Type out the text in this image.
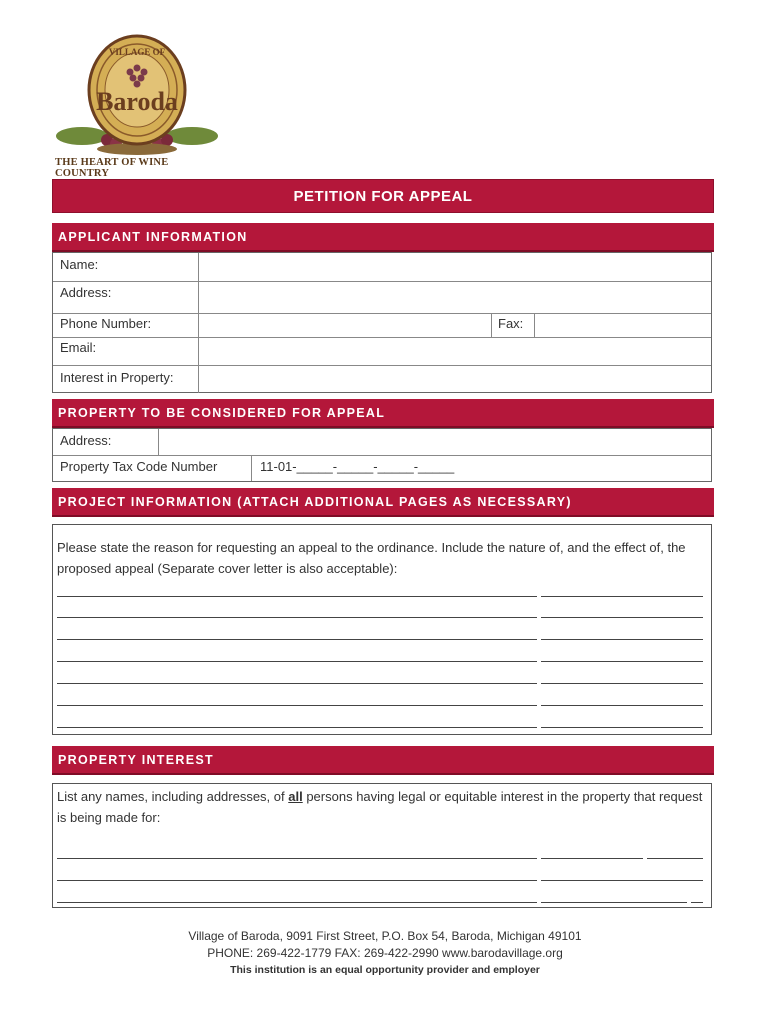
VILLAGE OF
Baroda
THE HEART OF WINE COUNTRY
PETITION FOR APPEAL
APPLICANT INFORMATION
Name:
Address:
Phone Number:	Fax:
Email:
Interest in Property:
PROPERTY TO BE CONSIDERED FOR APPEAL
Address:
Property Tax Code Number	11-01-_____-_____-_____-_____
PROJECT INFORMATION (ATTACH ADDITIONAL PAGES AS NECESSARY)
Please state the reason for requesting an appeal to the ordinance. Include the nature of, and the effect of, the proposed appeal (Separate cover letter is also acceptable):
PROPERTY INTEREST
List any names, including addresses, of all persons having legal or equitable interest in the property that request is being made for:
Village of Baroda, 9091 First Street, P.O. Box 54, Baroda, Michigan 49101
PHONE: 269-422-1779 FAX: 269-422-2990 www.barodavillage.org
This institution is an equal opportunity provider and employer
